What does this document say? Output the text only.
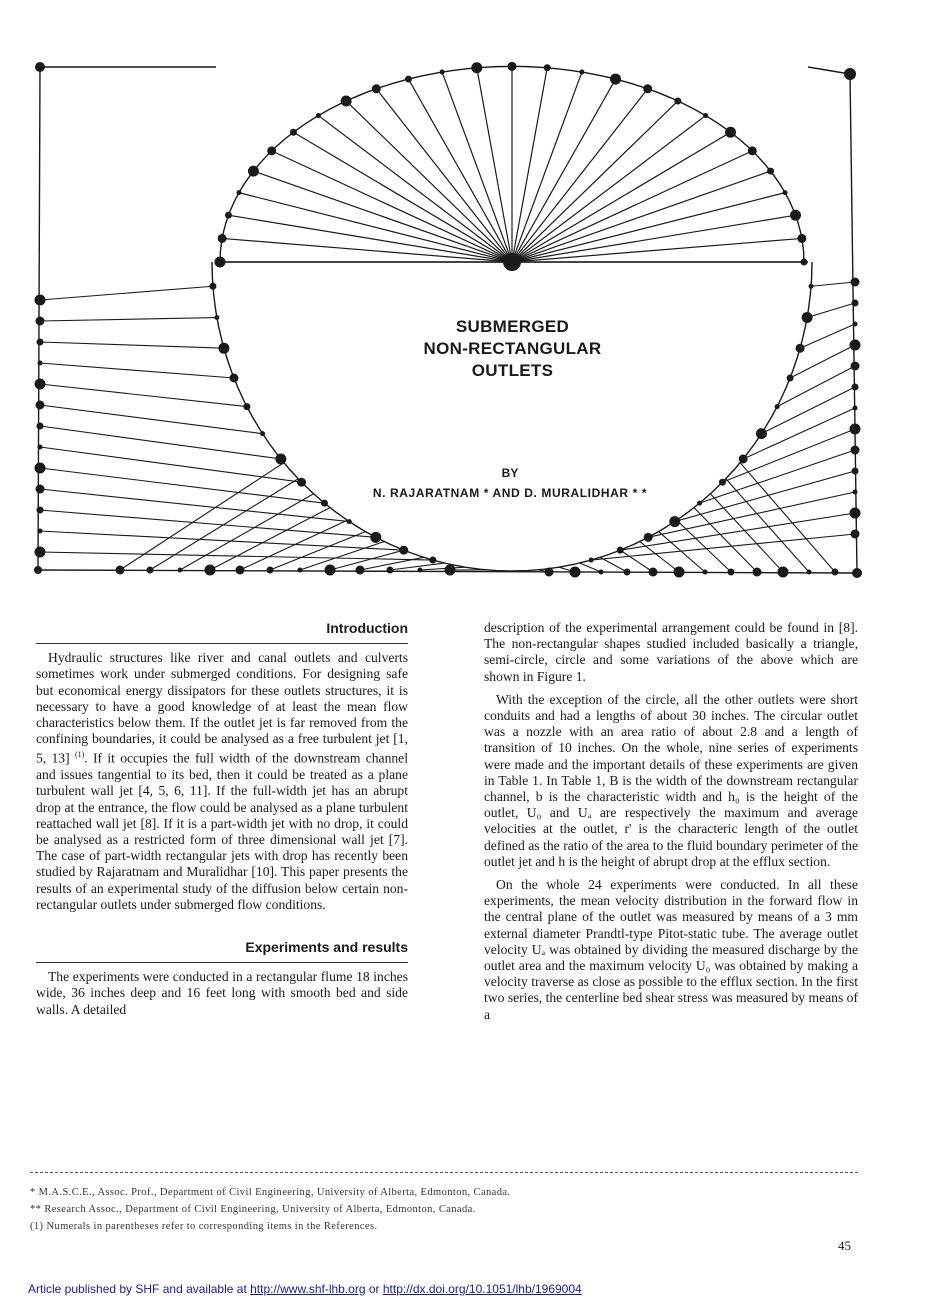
SUBMERGED
NON-RECTANGULAR
OUTLETS
BY
N. RAJARATNAM * AND D. MURALIDHAR * *
Introduction

Hydraulic structures like river and canal outlets and culverts sometimes work under submerged conditions. For designing safe but economical energy dissipators for these outlets structures, it is necessary to have a good knowledge of at least the mean flow characteristics below them. If the outlet jet is far removed from the confining boundaries, it could be analysed as a free turbulent jet [1, 5, 13] $^{(1)}$. If it occupies the full width of the downstream channel and issues tangential to its bed, then it could be treated as a plane turbulent wall jet [4, 5, 6, 11]. If the full-width jet has an abrupt drop at the entrance, the flow could be analysed as a plane turbulent reattached wall jet [8]. If it is a part-width jet with no drop, it could be analysed as a restricted form of three dimensional wall jet [7]. The case of part-width rectangular jets with drop has recently been studied by Rajaratnam and Muralidhar [10]. This paper presents the results of an experimental study of the diffusion below certain non-rectangular outlets under submerged flow conditions.

Experiments and results

The experiments were conducted in a rectangular flume 18 inches wide, 36 inches deep and 16 feet long with smooth bed and side walls. A detailed

description of the experimental arrangement could be found in [8]. The non-rectangular shapes studied included basically a triangle, semi-circle, circle and some variations of the above which are shown in Figure 1.

With the exception of the circle, all the other outlets were short conduits and had a lengths of about 30 inches. The circular outlet was a nozzle with an area ratio of about 2.8 and a length of transition of 10 inches. On the whole, nine series of experiments were made and the important details of these experiments are given in Table 1. In Table 1, B is the width of the downstream rectangular channel, b is the characteristic width and h₀ is the height of the outlet, U₀ and Uₐ are respectively the maximum and average velocities at the outlet, r' is the characteric length of the outlet defined as the ratio of the area to the fluid boundary perimeter of the outlet jet and h is the height of abrupt drop at the efflux section.

On the whole 24 experiments were conducted. In all these experiments, the mean velocity distribution in the forward flow in the central plane of the outlet was measured by means of a 3 mm external diameter Prandtl-type Pitot-static tube. The average outlet velocity Uₐ was obtained by dividing the measured discharge by the outlet area and the maximum velocity U₀ was obtained by making a velocity traverse as close as possible to the efflux section. In the first two series, the centerline bed shear stress was measured by means of a

* M.A.S.C.E., Assoc. Prof., Department of Civil Engineering, University of Alberta, Edmonton, Canada.
** Research Assoc., Department of Civil Engineering, University of Alberta, Edmonton, Canada.
(1) Numerals in parentheses refer to corresponding items in the References.
45
Article published by SHF and available at http://www.shf-lhb.org or http://dx.doi.org/10.1051/lhb/1969004
